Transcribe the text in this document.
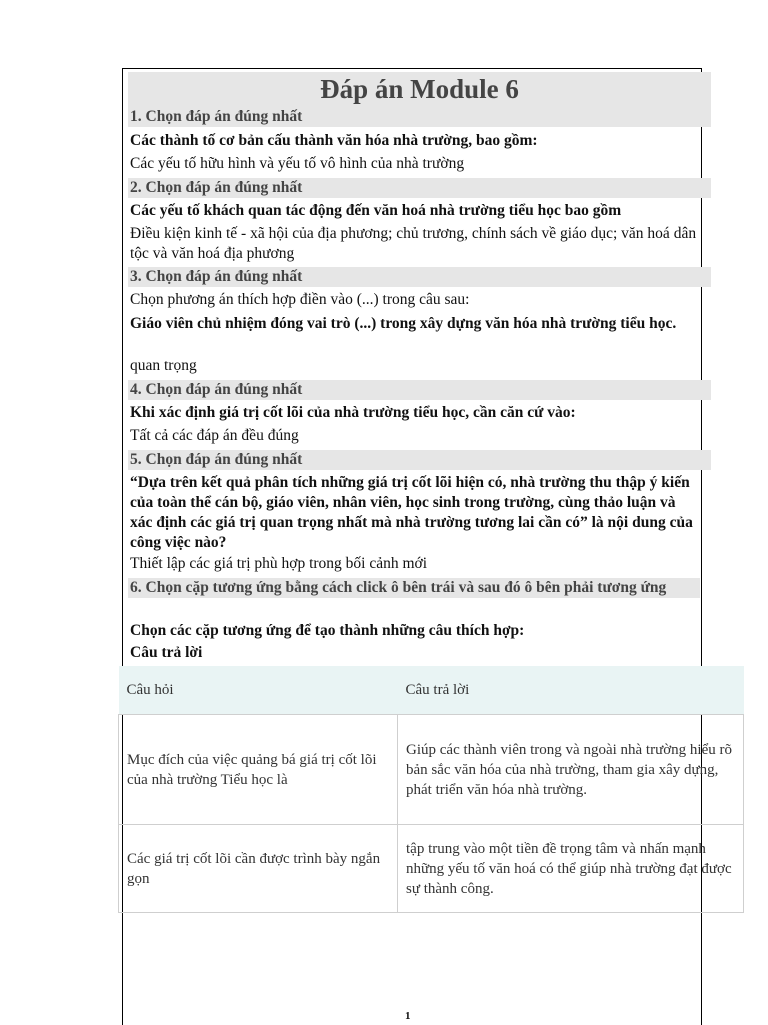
Đáp án Module 6
1. Chọn đáp án đúng nhất
Các thành tố cơ bản cấu thành văn hóa nhà trường, bao gồm:
Các yếu tố hữu hình và yếu tố vô hình của nhà trường
2. Chọn đáp án đúng nhất
Các yếu tố khách quan tác động đến văn hoá nhà trường tiểu học bao gồm
Điều kiện kinh tế - xã hội của địa phương; chủ trương, chính sách về giáo dục; văn hoá dân tộc và văn hoá địa phương
3. Chọn đáp án đúng nhất
Chọn phương án thích hợp điền vào (...) trong câu sau:
Giáo viên chủ nhiệm đóng vai trò (...) trong xây dựng văn hóa nhà trường tiểu học.
quan trọng
4. Chọn đáp án đúng nhất
Khi xác định giá trị cốt lõi của nhà trường tiểu học, cần căn cứ vào:
Tất cả các đáp án đều đúng
5. Chọn đáp án đúng nhất
“Dựa trên kết quả phân tích những giá trị cốt lõi hiện có, nhà trường thu thập ý kiến của toàn thể cán bộ, giáo viên, nhân viên, học sinh trong trường, cùng thảo luận và xác định các giá trị quan trọng nhất mà nhà trường tương lai cần có” là nội dung của công việc nào?
Thiết lập các giá trị phù hợp trong bối cảnh mới
6. Chọn cặp tương ứng bằng cách click ô bên trái và sau đó ô bên phải tương ứng
Chọn các cặp tương ứng để tạo thành những câu thích hợp:
Câu trả lời
Câu hỏi	Câu trả lời
Mục đích của việc quảng bá giá trị cốt lõi của nhà trường Tiểu học là	Giúp các thành viên trong và ngoài nhà trường hiểu rõ bản sắc văn hóa của nhà trường, tham gia xây dựng, phát triển văn hóa nhà trường.
Các giá trị cốt lõi cần được trình bày ngắn gọn	tập trung vào một tiền đề trọng tâm và nhấn mạnh những yếu tố văn hoá có thể giúp nhà trường đạt được sự thành công.
1
